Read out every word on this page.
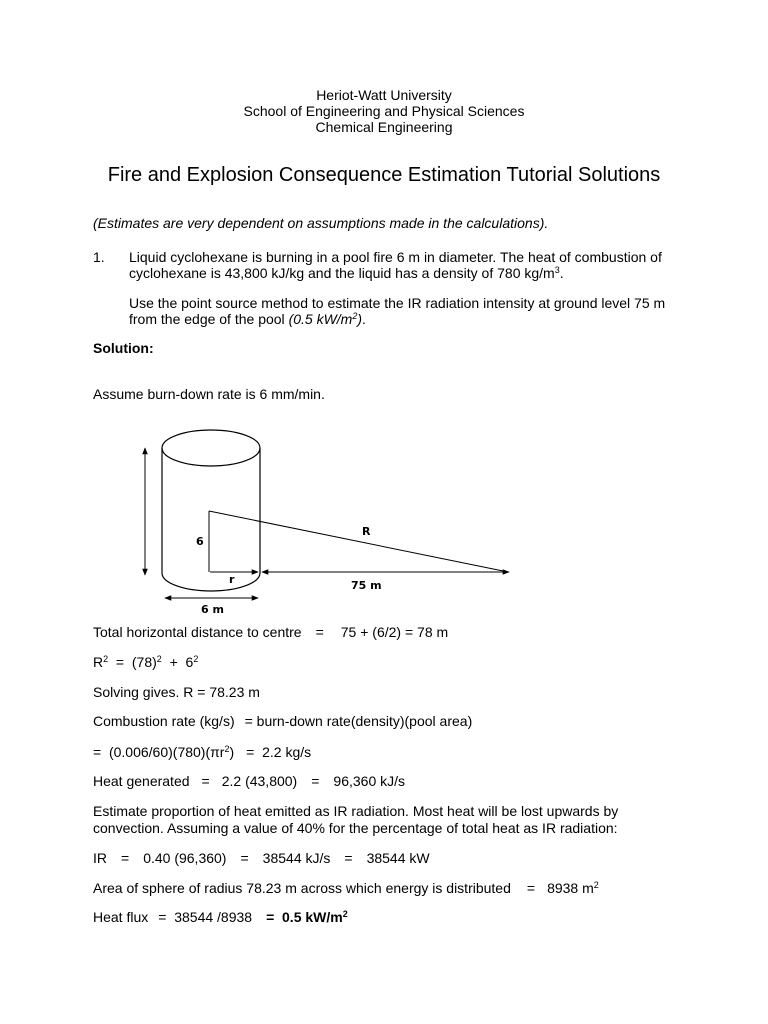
Heriot-Watt University
School of Engineering and Physical Sciences
Chemical Engineering
Fire and Explosion Consequence Estimation Tutorial Solutions
(Estimates are very dependent on assumptions made in the calculations).
1. Liquid cyclohexane is burning in a pool fire 6 m in diameter. The heat of combustion of
cyclohexane is 43,800 kJ/kg and the liquid has a density of 780 $kg/m^3$.
Use the point source method to estimate the IR radiation intensity at ground level 75 m
from the edge of the pool (0.5 $kW/m^2$).
Solution:
Assume burn-down rate is 6 mm/min.
R
6
r	75 m
6 m
Total horizontal distance to centre = 75 + (6/2) = 78 m
$R^2 = (78)^2 + 6^2$
Solving gives. R = 78.23 m
Combustion rate (kg/s) = burn-down rate(density)(pool area)
=  $(0.006/60)(780)(\pi r^2) = 2.2$ kg/s
Heat generated = 2.2 (43,800) = 96,360 kJ/s
Estimate proportion of heat emitted as IR radiation. Most heat will be lost upwards by
convection. Assuming a value of 40% for the percentage of total heat as IR radiation:
IR = 0.40 (96,360) = 38544 kJ/s = 38544 kW
Area of sphere of radius 78.23 m across which energy is distributed = 8938 $m^2$
Heat flux =  38544 /8938 =  0.5 $kW/m^2$
